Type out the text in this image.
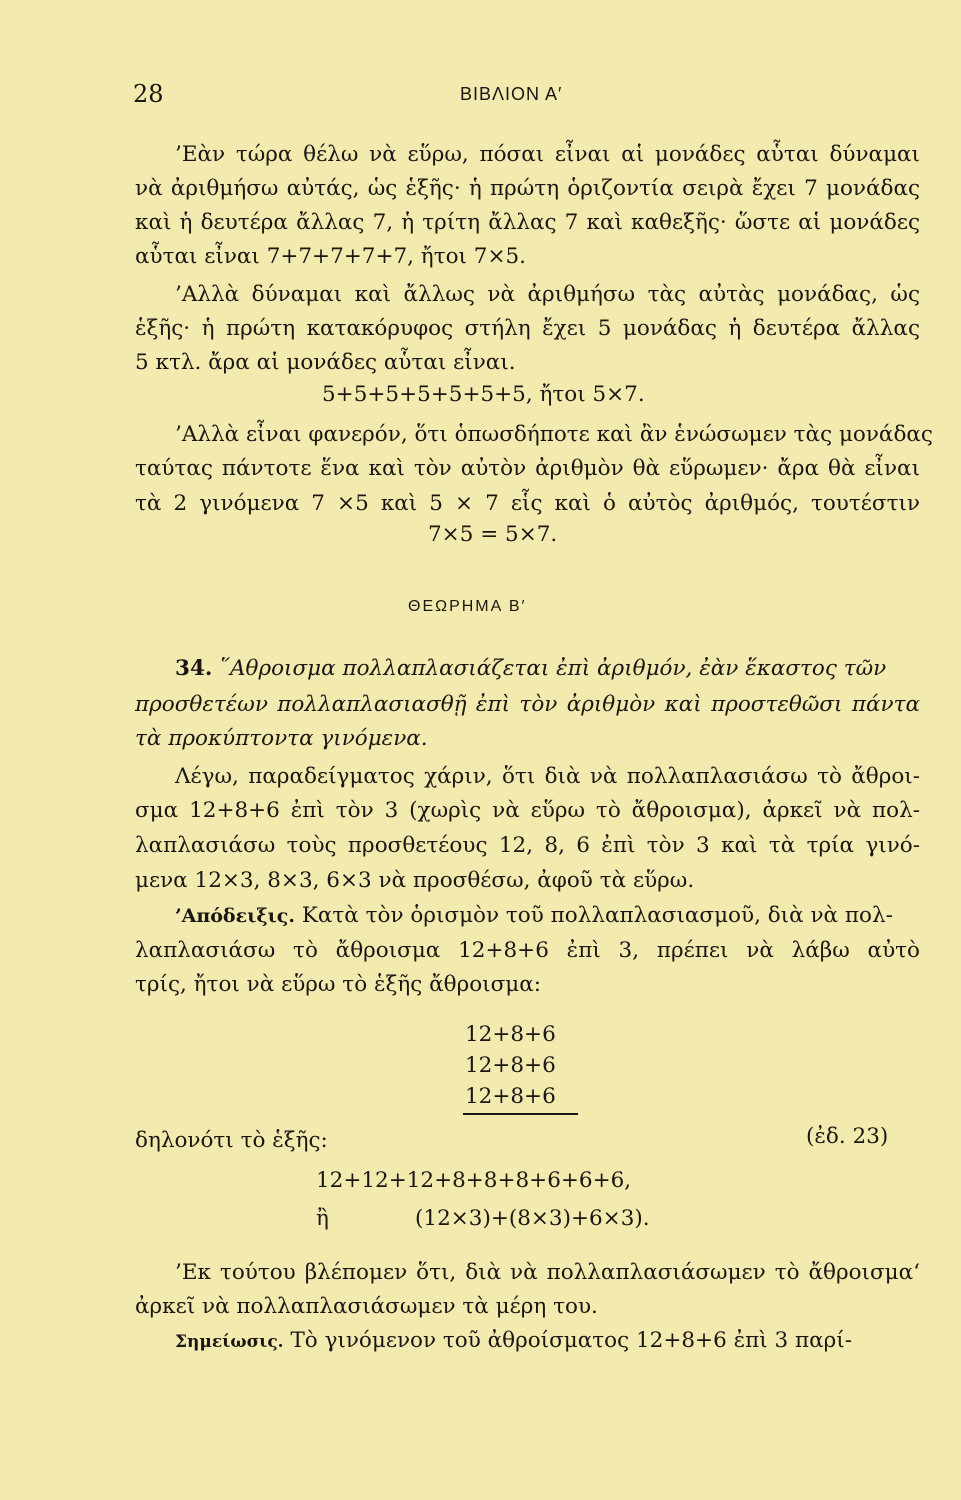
28	ΒΙΒΛΙΟΝ Α′
’Εὰν τώρα θέλω νὰ εὕρω, πόσαι εἶναι αἱ μονάδες αὗται δύναμαι
νὰ ἀριθμήσω αὐτάς, ὡς ἑξῆς· ἡ πρώτη ὁριζοντία σειρὰ ἔχει 7 μονάδας
καὶ ἡ δευτέρα ἄλλας 7, ἡ τρίτη ἄλλας 7 καὶ καθεξῆς· ὥστε αἱ μονάδες
αὗται εἶναι 7+7+7+7+7, ἤτοι 7×5.
’Αλλὰ δύναμαι καὶ ἄλλως νὰ ἀριθμήσω τὰς αὐτὰς μονάδας, ὡς
ἑξῆς· ἡ πρώτη κατακόρυφος στήλη ἔχει 5 μονάδας ἡ δευτέρα ἄλλας
5 κτλ. ἄρα αἱ μονάδες αὗται εἶναι.
5+5+5+5+5+5+5, ἤτοι 5×7.
’Αλλὰ εἶναι φανερόν, ὅτι ὁπωσδήποτε καὶ ἂν ἑνώσωμεν τὰς μονάδας
ταύτας πάντοτε ἕνα καὶ τὸν αὐτὸν ἀριθμὸν θὰ εὕρωμεν· ἄρα θὰ εἶναι
τὰ 2 γινόμενα 7 ×5 καὶ 5 × 7 εἷς καὶ ὁ αὐτὸς ἀριθμός, τουτέστιν
7×5 = 5×7.
ΘΕΩΡΗΜΑ Β′
34. ῞Αθροισμα πολλαπλασιάζεται ἐπὶ ἀριθμόν, ἐὰν ἕκαστος τῶν
προσθετέων πολλαπλασιασθῇ ἐπὶ τὸν ἀριθμὸν καὶ προστεθῶσι πάντα
τὰ προκύπτοντα γινόμενα.
Λέγω, παραδείγματος χάριν, ὅτι διὰ νὰ πολλαπλασιάσω τὸ ἄθροι-
σμα 12+8+6 ἐπὶ τὸν 3 (χωρὶς νὰ εὕρω τὸ ἄθροισμα), ἀρκεῖ νὰ πολ-
λαπλασιάσω τοὺς προσθετέους 12, 8, 6 ἐπὶ τὸν 3 καὶ τὰ τρία γινό-
μενα 12×3, 8×3, 6×3 νὰ προσθέσω, ἀφοῦ τὰ εὕρω.
’Απόδειξις. Κατὰ τὸν ὁρισμὸν τοῦ πολλαπλασιασμοῦ, διὰ νὰ πολ-
λαπλασιάσω τὸ ἄθροισμα 12+8+6 ἐπὶ 3, πρέπει νὰ λάβω αὐτὸ
τρίς, ἤτοι νὰ εὕρω τὸ ἑξῆς ἄθροισμα:
12+8+6
12+8+6
12+8+6
δηλονότι τὸ ἑξῆς:	(ἐδ. 23)
12+12+12+8+8+8+6+6+6,
ἢ	(12×3)+(8×3)+6×3).
’Εκ τούτου βλέπομεν ὅτι, διὰ νὰ πολλαπλασιάσωμεν τὸ ἄθροισμα‘
ἀρκεῖ νὰ πολλαπλασιάσωμεν τὰ μέρη του.
Σημείωσις. Τὸ γινόμενον τοῦ ἀθροίσματος 12+8+6 ἐπὶ 3 παρί-
